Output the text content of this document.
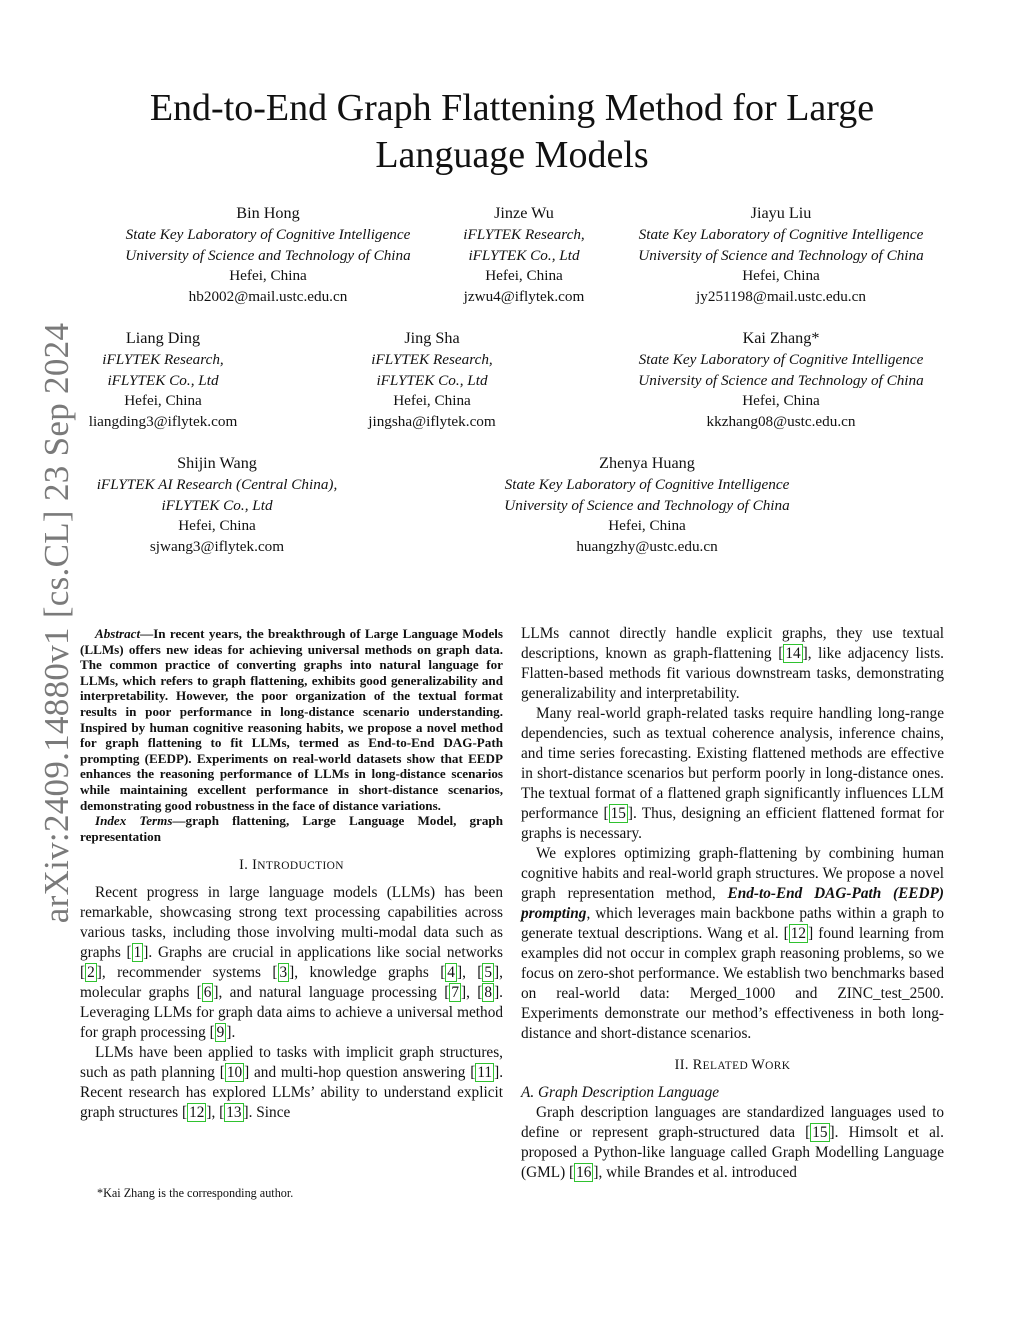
arXiv:2409.14880v1 [cs.CL] 23 Sep 2024
End-to-End Graph Flattening Method for Large Language Models
Bin Hong
State Key Laboratory of Cognitive Intelligence
University of Science and Technology of China
Hefei, China
hb2002@mail.ustc.edu.cn
Jinze Wu
iFLYTEK Research,
iFLYTEK Co., Ltd
Hefei, China
jzwu4@iflytek.com
Jiayu Liu
State Key Laboratory of Cognitive Intelligence
University of Science and Technology of China
Hefei, China
jy251198@mail.ustc.edu.cn
Liang Ding
iFLYTEK Research,
iFLYTEK Co., Ltd
Hefei, China
liangding3@iflytek.com
Jing Sha
iFLYTEK Research,
iFLYTEK Co., Ltd
Hefei, China
jingsha@iflytek.com
Kai Zhang*
State Key Laboratory of Cognitive Intelligence
University of Science and Technology of China
Hefei, China
kkzhang08@ustc.edu.cn
Shijin Wang
iFLYTEK AI Research (Central China),
iFLYTEK Co., Ltd
Hefei, China
sjwang3@iflytek.com
Zhenya Huang
State Key Laboratory of Cognitive Intelligence
University of Science and Technology of China
Hefei, China
huangzhy@ustc.edu.cn

Abstract—In recent years, the breakthrough of Large Language Models (LLMs) offers new ideas for achieving universal methods on graph data. The common practice of converting graphs into natural language for LLMs, which refers to graph flattening, exhibits good generalizability and interpretability. However, the poor organization of the textual format results in poor performance in long-distance scenario understanding. Inspired by human cognitive reasoning habits, we propose a novel method for graph flattening to fit LLMs, termed as End-to-End DAG-Path prompting (EEDP). Experiments on real-world datasets show that EEDP enhances the reasoning performance of LLMs in long-distance scenarios while maintaining excellent performance in short-distance scenarios, demonstrating good robustness in the face of distance variations.

Index Terms—graph flattening, Large Language Model, graph representation

I. INTRODUCTION

Recent progress in large language models (LLMs) has been remarkable, showcasing strong text processing capabilities across various tasks, including those involving multi-modal data such as graphs [ 1 ]. Graphs are crucial in applications like social networks [ 2 ], recommender systems [ 3 ], knowledge graphs [ 4 ], [ 5 ], molecular graphs [ 6 ], and natural language processing [ 7 ], [ 8 ]. Leveraging LLMs for graph data aims to achieve a universal method for graph processing [ 9 ].

LLMs have been applied to tasks with implicit graph structures, such as path planning [ 10 ] and multi-hop question answering [ 11 ]. Recent research has explored LLMs’ ability to understand explicit graph structures [ 12 ], [ 13 ]. Since

*Kai Zhang is the corresponding author.

LLMs cannot directly handle explicit graphs, they use textual descriptions, known as graph-flattening [ 14 ], like adjacency lists. Flatten-based methods fit various downstream tasks, demonstrating generalizability and interpretability.

Many real-world graph-related tasks require handling long-range dependencies, such as textual coherence analysis, inference chains, and time series forecasting. Existing flattened methods are effective in short-distance scenarios but perform poorly in long-distance ones. The textual format of a flattened graph significantly influences LLM performance [ 15 ]. Thus, designing an efficient flattened format for graphs is necessary.

We explores optimizing graph-flattening by combining human cognitive habits and real-world graph structures. We propose a novel graph representation method, End-to-End DAG-Path (EEDP) prompting, which leverages main backbone paths within a graph to generate textual descriptions. Wang et al. [ 12 ] found learning from examples did not occur in complex graph reasoning problems, so we focus on zero-shot performance. We establish two benchmarks based on real-world data: Merged_1000 and ZINC_test_2500. Experiments demonstrate our method’s effectiveness in both long-distance and short-distance scenarios.

II. RELATED WORK

A. Graph Description Language

Graph description languages are standardized languages used to define or represent graph-structured data [ 15 ]. Himsolt et al. proposed a Python-like language called Graph Modelling Language (GML) [ 16 ], while Brandes et al. introduced
